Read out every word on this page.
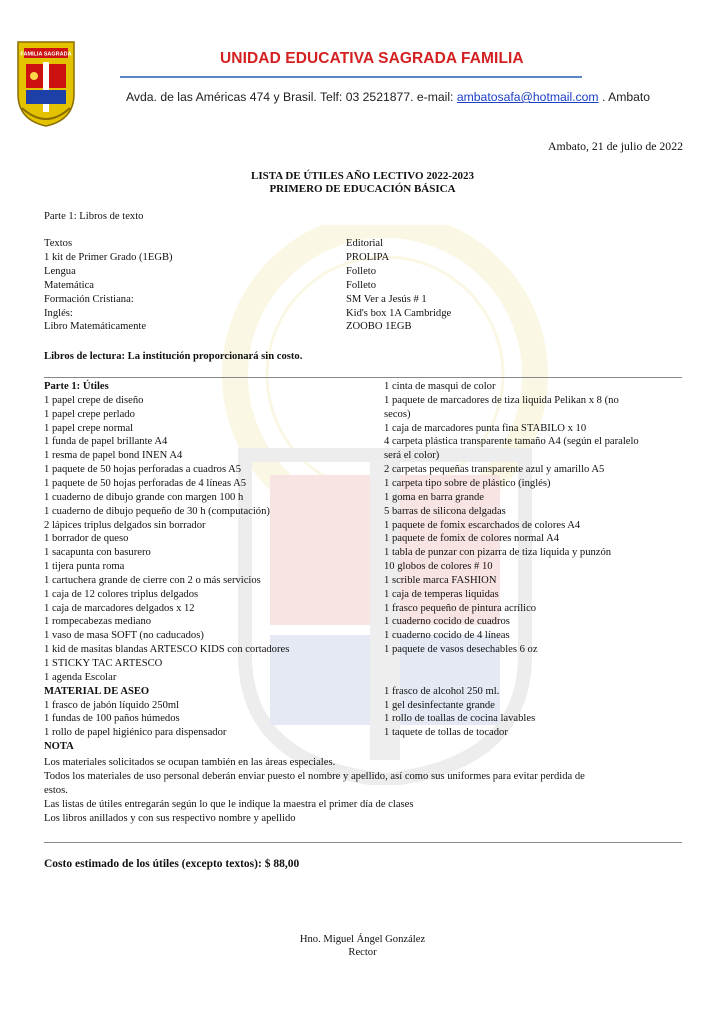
FAMILIA SAGRADA	UNIDAD EDUCATIVA SAGRADA FAMILIA
Avda. de las Américas 474 y Brasil. Telf: 03 2521877. e-mail: ambatosafa@hotmail.com . Ambato
Ambato, 21 de julio de 2022
LISTA DE ÚTILES AÑO LECTIVO 2022-2023
PRIMERO DE EDUCACIÓN BÁSICA
Parte 1: Libros de texto
Textos	Editorial
1 kit de Primer Grado (1EGB)	PROLIPA
Lengua	Folleto
Matemática	Folleto
Formación Cristiana:	SM Ver a Jesús # 1
Inglés:	Kid's box 1A Cambridge
Libro Matemáticamente	ZOOBO 1EGB
Libros de lectura: La institución proporcionará sin costo.
Parte 1: Útiles
1 papel crepe de diseño
1 papel crepe perlado
1 papel crepe normal
1 funda de papel brillante A4
1 resma de papel bond INEN A4
1 paquete de 50 hojas perforadas a cuadros A5
1 paquete de 50 hojas perforadas de 4 líneas A5
1 cuaderno de dibujo grande con margen 100 h
1 cuaderno de dibujo pequeño de 30 h (computación)
2 lápices triplus delgados sin borrador
1 borrador de queso
1 sacapunta con basurero
1 tijera punta roma
1 cartuchera grande de cierre con 2 o más servicios
1 caja de 12 colores triplus delgados
1 caja de marcadores delgados x 12
1 rompecabezas mediano
1 vaso de masa SOFT (no caducados)
1 kid de masitas blandas ARTESCO KIDS con cortadores
1 STICKY TAC ARTESCO
1 agenda Escolar
MATERIAL DE ASEO
1 frasco de jabón líquido 250ml
1 fundas de 100 paños húmedos
1 rollo de papel higiénico para dispensador
NOTA
1 cinta de masqui de color
1 paquete de marcadores de tiza liquida Pelikan x 8 (no
secos)
1 caja de marcadores punta fina STABILO x 10
4 carpeta plástica transparente tamaño A4 (según el paralelo
será el color)
2 carpetas pequeñas transparente azul y amarillo A5
1 carpeta tipo sobre de plástico (inglés)
1 goma en barra grande
5 barras de silicona delgadas
1 paquete de fomix escarchados de colores A4
1 paquete de fomix de colores normal A4
1 tabla de punzar con pizarra de tiza líquida y punzón
10 globos de colores # 10
1 scrible marca FASHION
1 caja de temperas liquidas
1 frasco pequeño de pintura acrílico
1 cuaderno cocido de cuadros
1 cuaderno cocido de 4 líneas
1 paquete de vasos desechables 6 oz
1 frasco de alcohol 250 ml.
1 gel desinfectante grande
1 rollo de toallas de cocina lavables
1 taquete de tollas de tocador
Los materiales solicitados se ocupan también en las áreas especiales.
Todos los materiales de uso personal deberán enviar puesto el nombre y apellido, así como sus uniformes para evitar perdida de
estos.
Las listas de útiles entregarán según lo que le indique la maestra el primer día de clases
Los libros anillados y con sus respectivo nombre y apellido
Costo estimado de los útiles (excepto textos): $ 88,00
Hno. Miguel Ángel González
Rector
